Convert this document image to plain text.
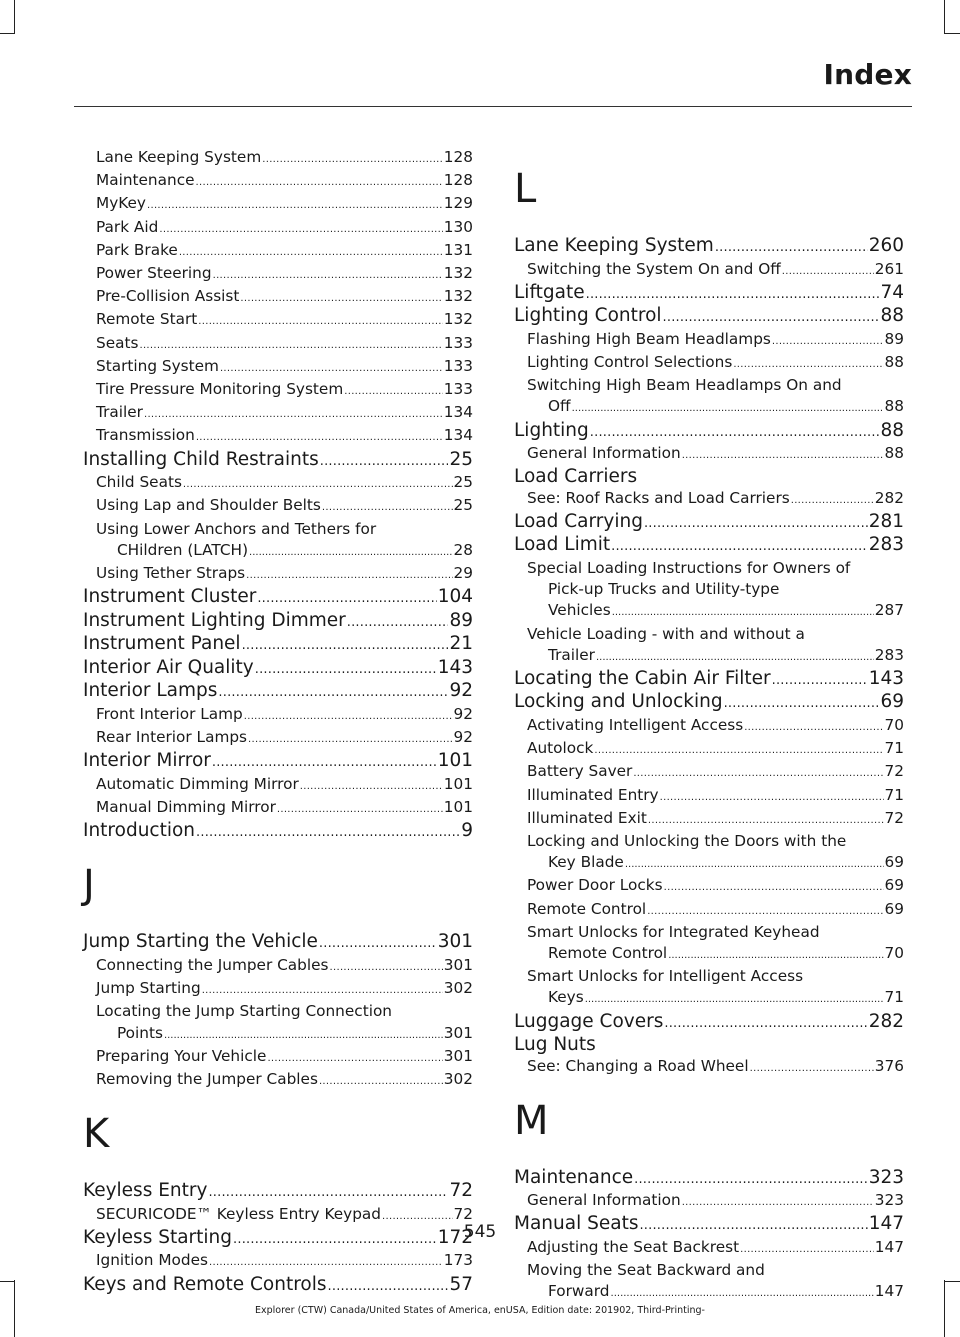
Index
Lane Keeping System .....	128
Maintenance .....	128
MyKey .....	129
Park Aid .....	130
Park Brake .....	131
Power Steering .....	132
Pre-Collision Assist .....	132
Remote Start .....	132
Seats .....	133
Starting System .....	133
Tire Pressure Monitoring System .....	133
Trailer .....	134
Transmission .....	134
Installing Child Restraints .....	25
Child Seats .....	25
Using Lap and Shoulder Belts .....	25
Using Lower Anchors and Tethers for
CHildren (LATCH) .....	28
Using Tether Straps .....	29
Instrument Cluster .....	104
Instrument Lighting Dimmer .....	89
Instrument Panel .....	21
Interior Air Quality .....	143
Interior Lamps .....	92
Front Interior Lamp .....	92
Rear Interior Lamps .....	92
Interior Mirror .....	101
Automatic Dimming Mirror .....	101
Manual Dimming Mirror .....	101
Introduction .....	9
J
Jump Starting the Vehicle .....	301
Connecting the Jumper Cables .....	301
Jump Starting .....	302
Locating the Jump Starting Connection
Points .....	301
Preparing Your Vehicle .....	301
Removing the Jumper Cables .....	302
K
Keyless Entry .....	72
SECURICODE™ Keyless Entry Keypad .....	72
Keyless Starting .....	172
Ignition Modes .....	173
Keys and Remote Controls .....	57
L
Lane Keeping System .....	260
Switching the System On and Off .....	261
Liftgate .....	74
Lighting Control .....	88
Flashing High Beam Headlamps .....	89
Lighting Control Selections .....	88
Switching High Beam Headlamps On and
Off .....	88
Lighting .....	88
General Information .....	88
Load Carriers
See: Roof Racks and Load Carriers .....	282
Load Carrying .....	281
Load Limit .....	283
Special Loading Instructions for Owners of
Pick-up Trucks and Utility-type
Vehicles .....	287
Vehicle Loading - with and without a
Trailer .....	283
Locating the Cabin Air Filter .....	143
Locking and Unlocking .....	69
Activating Intelligent Access .....	70
Autolock .....	71
Battery Saver .....	72
Illuminated Entry .....	71
Illuminated Exit .....	72
Locking and Unlocking the Doors with the
Key Blade .....	69
Power Door Locks .....	69
Remote Control .....	69
Smart Unlocks for Integrated Keyhead
Remote Control .....	70
Smart Unlocks for Intelligent Access
Keys .....	71
Luggage Covers .....	282
Lug Nuts
See: Changing a Road Wheel .....	376
M
Maintenance .....	323
General Information .....	323
Manual Seats .....	147
Adjusting the Seat Backrest .....	147
Moving the Seat Backward and
Forward .....	147
545
Explorer (CTW) Canada/United States of America, enUSA, Edition date: 201902, Third-Printing-
